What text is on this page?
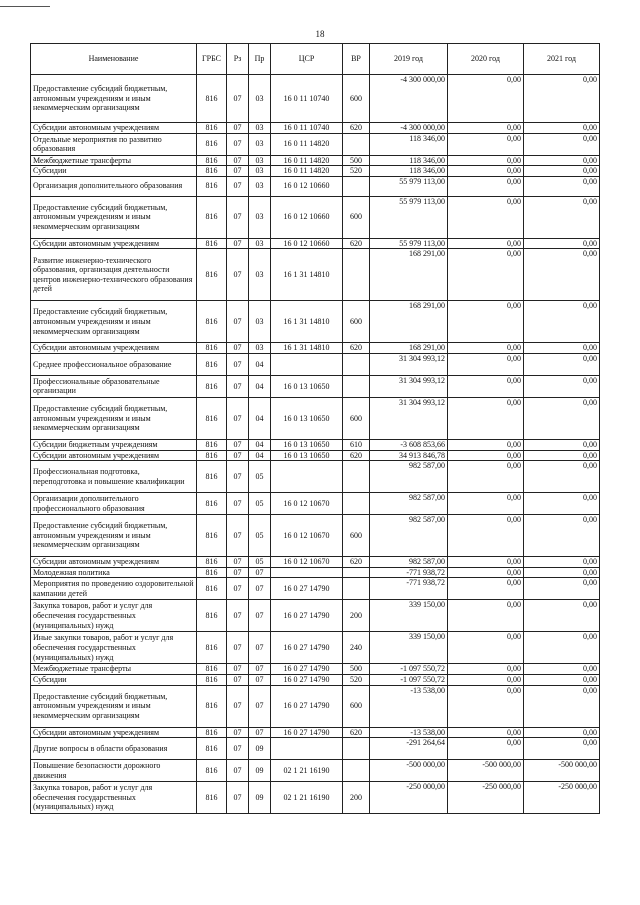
18
Наименование	ГРБС	Рз	Пр	ЦСР	ВР	2019 год	2020 год	2021 год
Предоставление субсидий бюджетным, автономным учреждениям и иным некоммерческим организациям	816	07	03	16 0 11 10740	600	-4 300 000,00	0,00	0,00
Субсидии автономным учреждениям	816	07	03	16 0 11 10740	620	-4 300 000,00	0,00	0,00
Отдельные мероприятия по развитию образования	816	07	03	16 0 11 14820		118 346,00	0,00	0,00
Межбюджетные трансферты	816	07	03	16 0 11 14820	500	118 346,00	0,00	0,00
Субсидии	816	07	03	16 0 11 14820	520	118 346,00	0,00	0,00
Организация дополнительного образования	816	07	03	16 0 12 10660		55 979 113,00	0,00	0,00
Предоставление субсидий бюджетным, автономным учреждениям и иным некоммерческим организациям	816	07	03	16 0 12 10660	600	55 979 113,00	0,00	0,00
Субсидии автономным учреждениям	816	07	03	16 0 12 10660	620	55 979 113,00	0,00	0,00
Развитие инженерно-технического образования, организация деятельности центров инженерно-технического образования детей	816	07	03	16 1 31 14810		168 291,00	0,00	0,00
Предоставление субсидий бюджетным, автономным учреждениям и иным некоммерческим организациям	816	07	03	16 1 31 14810	600	168 291,00	0,00	0,00
Субсидии автономным учреждениям	816	07	03	16 1 31 14810	620	168 291,00	0,00	0,00
Среднее профессиональное образование	816	07	04			31 304 993,12	0,00	0,00
Профессиональные образовательные организации	816	07	04	16 0 13 10650		31 304 993,12	0,00	0,00
Предоставление субсидий бюджетным, автономным учреждениям и иным некоммерческим организациям	816	07	04	16 0 13 10650	600	31 304 993,12	0,00	0,00
Субсидии бюджетным учреждениям	816	07	04	16 0 13 10650	610	-3 608 853,66	0,00	0,00
Субсидии автономным учреждениям	816	07	04	16 0 13 10650	620	34 913 846,78	0,00	0,00
Профессиональная подготовка, переподготовка и повышение квалификации	816	07	05			982 587,00	0,00	0,00
Организации дополнительного профессионального образования	816	07	05	16 0 12 10670		982 587,00	0,00	0,00
Предоставление субсидий бюджетным, автономным учреждениям и иным некоммерческим организациям	816	07	05	16 0 12 10670	600	982 587,00	0,00	0,00
Субсидии автономным учреждениям	816	07	05	16 0 12 10670	620	982 587,00	0,00	0,00
Молодежная политика	816	07	07			-771 938,72	0,00	0,00
Мероприятия по проведению оздоровительной кампании детей	816	07	07	16 0 27 14790		-771 938,72	0,00	0,00
Закупка товаров, работ и услуг для обеспечения государственных (муниципальных) нужд	816	07	07	16 0 27 14790	200	339 150,00	0,00	0,00
Иные закупки товаров, работ и услуг для обеспечения государственных (муниципальных) нужд	816	07	07	16 0 27 14790	240	339 150,00	0,00	0,00
Межбюджетные трансферты	816	07	07	16 0 27 14790	500	-1 097 550,72	0,00	0,00
Субсидии	816	07	07	16 0 27 14790	520	-1 097 550,72	0,00	0,00
Предоставление субсидий бюджетным, автономным учреждениям и иным некоммерческим организациям	816	07	07	16 0 27 14790	600	-13 538,00	0,00	0,00
Субсидии автономным учреждениям	816	07	07	16 0 27 14790	620	-13 538,00	0,00	0,00
Другие вопросы в области образования	816	07	09			-291 264,64	0,00	0,00
Повышение безопасности дорожного движения	816	07	09	02 1 21 16190		-500 000,00	-500 000,00	-500 000,00
Закупка товаров, работ и услуг для обеспечения государственных (муниципальных) нужд	816	07	09	02 1 21 16190	200	-250 000,00	-250 000,00	-250 000,00
